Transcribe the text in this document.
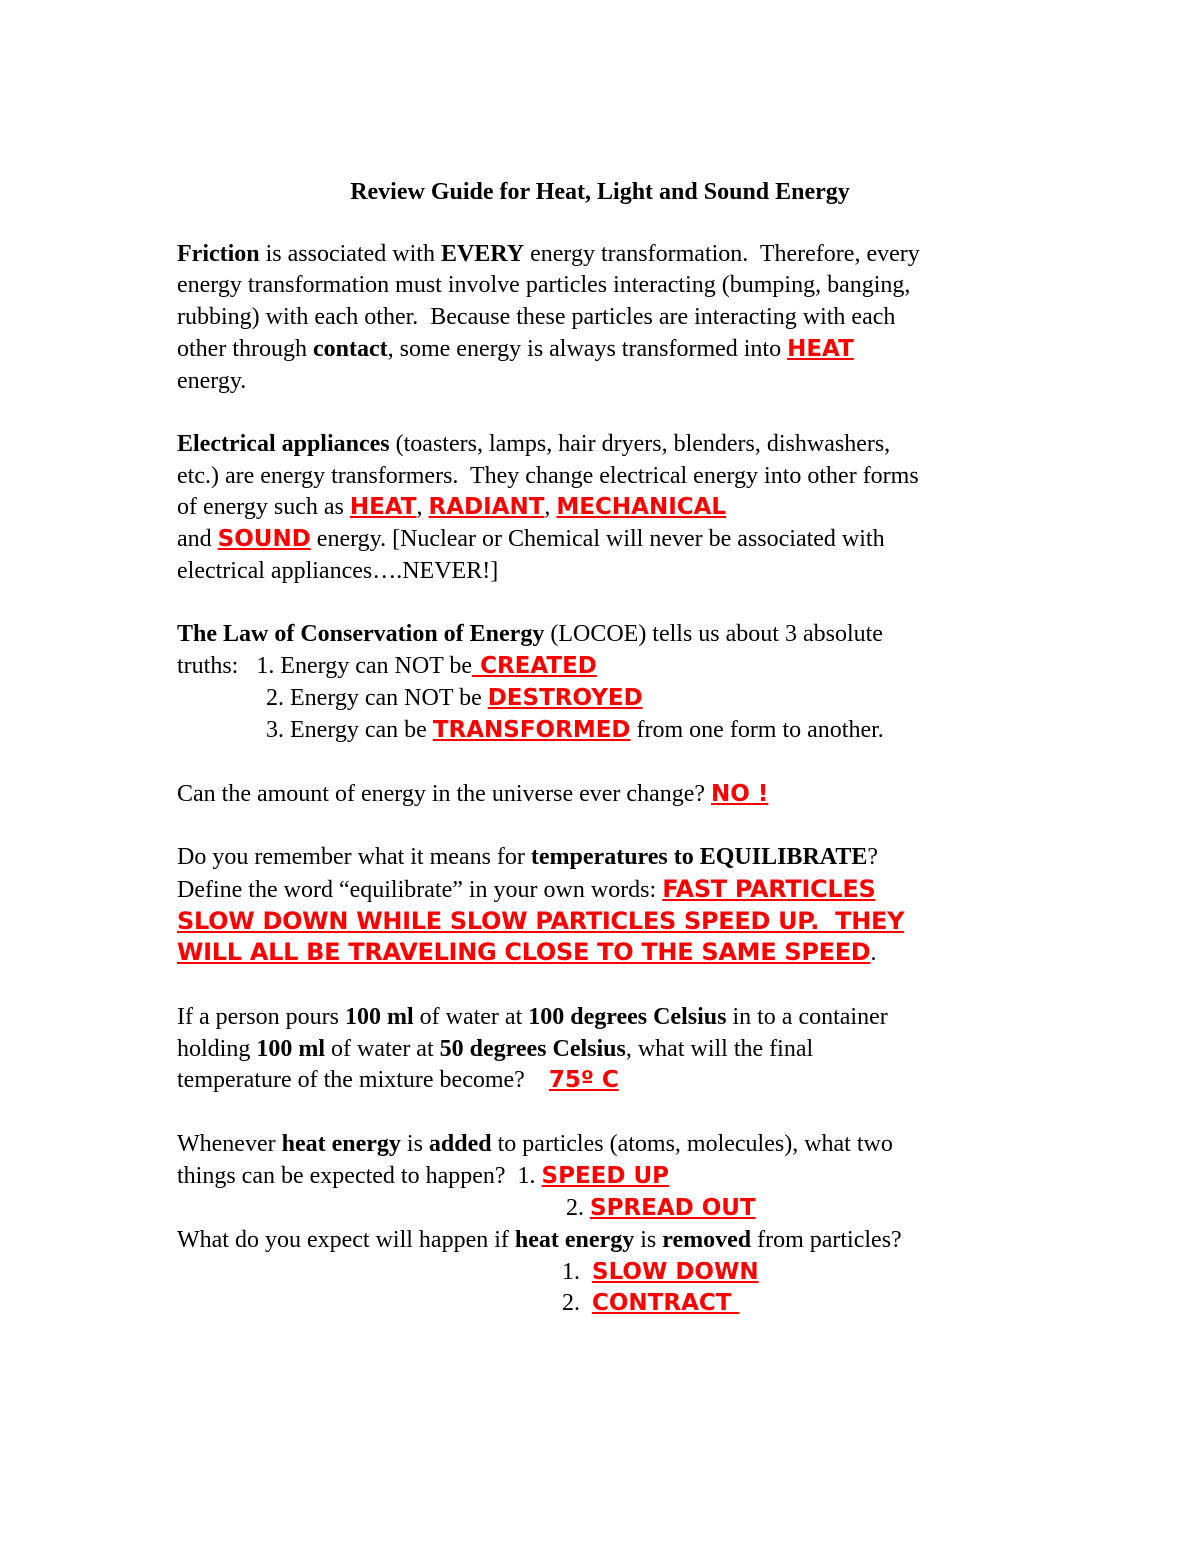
Review Guide for Heat, Light and Sound Energy
Friction is associated with EVERY energy transformation.  Therefore, every
energy transformation must involve particles interacting (bumping, banging,
rubbing) with each other.  Because these particles are interacting with each
other through contact, some energy is always transformed into HEAT
energy.
Electrical appliances (toasters, lamps, hair dryers, blenders, dishwashers,
etc.) are energy transformers.  They change electrical energy into other forms
of energy such as HEAT, RADIANT, MECHANICAL
and SOUND energy. [Nuclear or Chemical will never be associated with
electrical appliances….NEVER!]
The Law of Conservation of Energy (LOCOE) tells us about 3 absolute
truths:   1. Energy can NOT be CREATED
2. Energy can NOT be DESTROYED
3. Energy can be TRANSFORMED from one form to another.
Can the amount of energy in the universe ever change? NO !
Do you remember what it means for temperatures to EQUILIBRATE?
Define the word “equilibrate” in your own words: FAST PARTICLES
SLOW DOWN WHILE SLOW PARTICLES SPEED UP.  THEY
WILL ALL BE TRAVELING CLOSE TO THE SAME SPEED.
If a person pours 100 ml of water at 100 degrees Celsius in to a container
holding 100 ml of water at 50 degrees Celsius, what will the final
temperature of the mixture become?    75º C
Whenever heat energy is added to particles (atoms, molecules), what two
things can be expected to happen?  1. SPEED UP
2. SPREAD OUT
What do you expect will happen if heat energy is removed from particles?
1.  SLOW DOWN
2.  CONTRACT
